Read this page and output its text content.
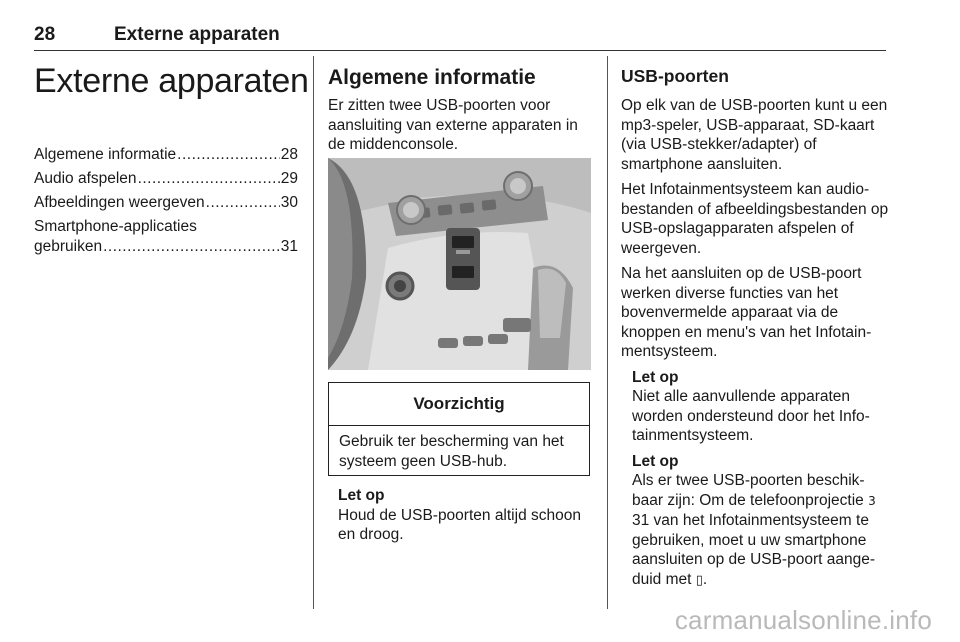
28	Externe apparaten
Externe apparaten
Algemene informatie .....	28
Audio afspelen .....	29
Afbeeldingen weergeven .....	30
Smartphone-applicaties
gebruiken .....	31
Algemene informatie
Er zitten twee USB-poorten voor aansluiting van externe apparaten in de middenconsole.
Voorzichtig
Gebruik ter bescherming van het systeem geen USB-hub.
Let op
Houd de USB-poorten altijd schoon en droog.
USB-poorten

Op elk van de USB-poorten kunt u een mp3-speler, USB-apparaat, SD-kaart (via USB-stekker/adapter) of smartphone aansluiten.

Het Infotainmentsysteem kan audio-bestanden of afbeeldingsbestanden op USB-opslagapparaten afspelen of weergeven.

Na het aansluiten op de USB-poort werken diverse functies van het bovenvermelde apparaat via de knoppen en menu's van het Infotain-mentsysteem.

Let op
Niet alle aanvullende apparaten worden ondersteund door het Info-tainmentsysteem.
Let op
Als er twee USB-poorten beschik-baar zijn: Om de telefoonprojectie 3 31 van het Infotainmentsysteem te gebruiken, moet u uw smartphone aansluiten op de USB-poort aange-duid met ▯.
carmanualsonline.info
